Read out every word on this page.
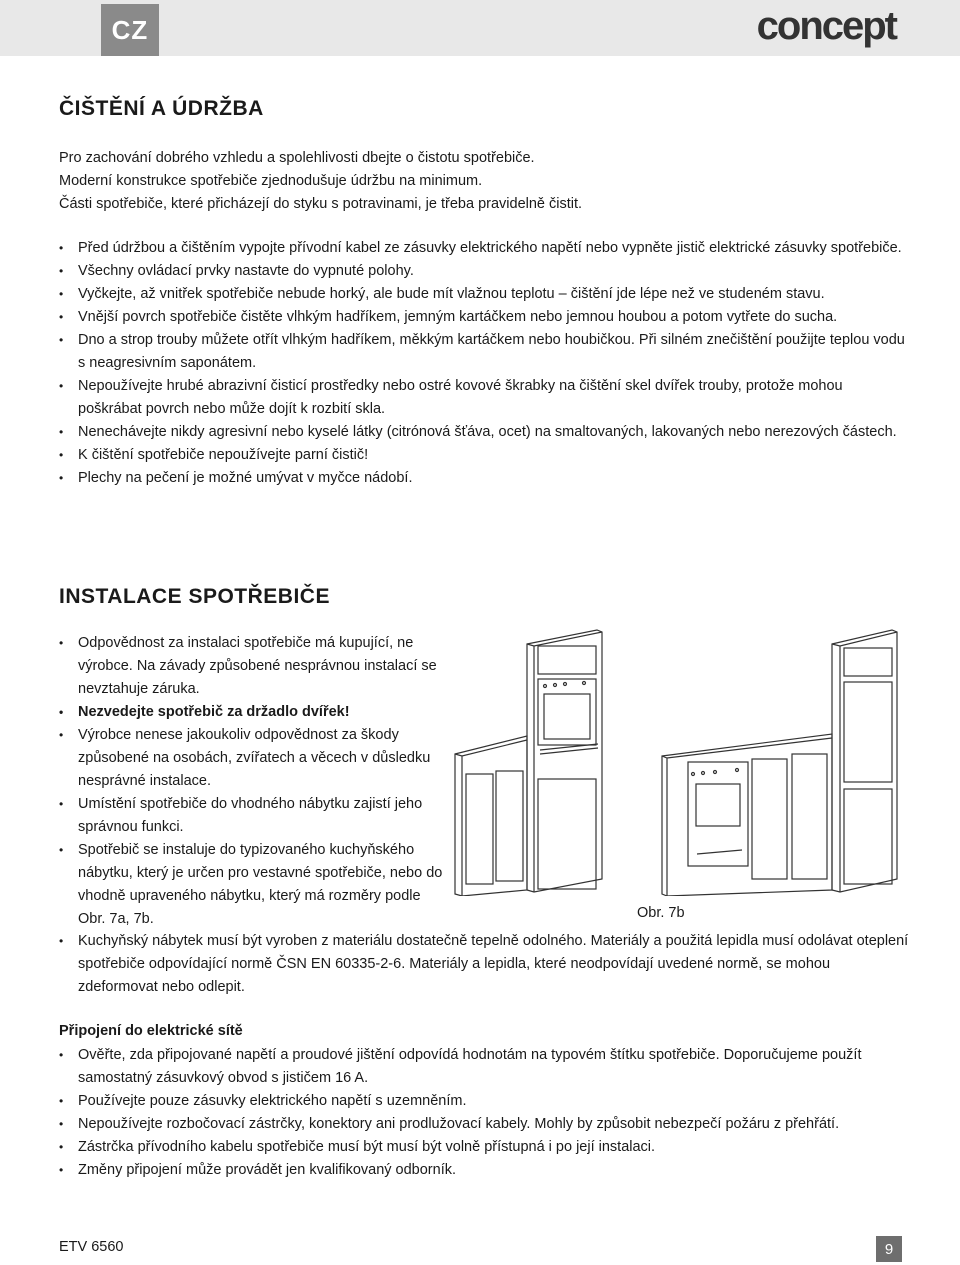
CZ	concept
ČIŠTĚNÍ A ÚDRŽBA

Pro zachování dobrého vzhledu a spolehlivosti dbejte o čistotu spotřebiče.

Moderní konstrukce spotřebiče zjednodušuje údržbu na minimum.

Části spotřebiče, které přicházejí do styku s potravinami, je třeba pravidelně čistit.

• Před údržbou a čištěním vypojte přívodní kabel ze zásuvky elektrického napětí nebo vypněte jistič elektrické zásuvky spotřebiče.
• Všechny ovládací prvky nastavte do vypnuté polohy.
• Vyčkejte, až vnitřek spotřebiče nebude horký, ale bude mít vlažnou teplotu – čištění jde lépe než ve studeném stavu.
• Vnější povrch spotřebiče čistěte vlhkým hadříkem, jemným kartáčkem nebo jemnou houbou a potom vytřete do sucha.
• Dno a strop trouby můžete otřít vlhkým hadříkem, měkkým kartáčkem nebo houbičkou. Při silném znečištění použijte teplou vodu s neagresivním saponátem.
• Nepoužívejte hrubé abrazivní čisticí prostředky nebo ostré kovové škrabky na čištění skel dvířek trouby, protože mohou poškrábat povrch nebo může dojít k rozbití skla.
• Nenechávejte nikdy agresivní nebo kyselé látky (citrónová šťáva, ocet) na smaltovaných, lakovaných nebo nerezových částech.
• K čištění spotřebiče nepoužívejte parní čistič!
• Plechy na pečení je možné umývat v myčce nádobí.
INSTALACE SPOTŘEBIČE
• Odpovědnost za instalaci spotřebiče má kupující, ne výrobce. Na závady způsobené nesprávnou instalací se nevztahuje záruka.
• Nezvedejte spotřebič za držadlo dvířek!
• Výrobce nenese jakoukoliv odpovědnost za škody způsobené na osobách, zvířatech a věcech v důsledku nesprávné instalace.
• Umístění spotřebiče do vhodného nábytku zajistí jeho správnou funkci.
• Spotřebič se instaluje do typizovaného kuchyňského nábytku, který je určen pro vestavné spotřebiče, nebo do vhodně upraveného nábytku, který má rozměry podle Obr. 7a, 7b.
• Kuchyňský nábytek musí být vyroben z materiálu dostatečně tepelně odolného. Materiály a použitá lepidla musí odolávat oteplení spotřebiče odpovídající normě ČSN EN 60335-2-6. Materiály a lepidla, které neodpovídají uvedené normě, se mohou zdeformovat nebo odlepit.
Obr. 7b

Připojení do elektrické sítě

• Ověřte, zda připojované napětí a proudové jištění odpovídá hodnotám na typovém štítku spotřebiče. Doporučujeme použít samostatný zásuvkový obvod s jističem 16 A.
• Používejte pouze zásuvky elektrického napětí s uzemněním.
• Nepoužívejte rozbočovací zástrčky, konektory ani prodlužovací kabely. Mohly by způsobit nebezpečí požáru z přehřátí.
• Zástrčka přívodního kabelu spotřebiče musí být musí být volně přístupná i po její instalaci.
• Změny připojení může provádět jen kvalifikovaný odborník.
ETV 6560	9
